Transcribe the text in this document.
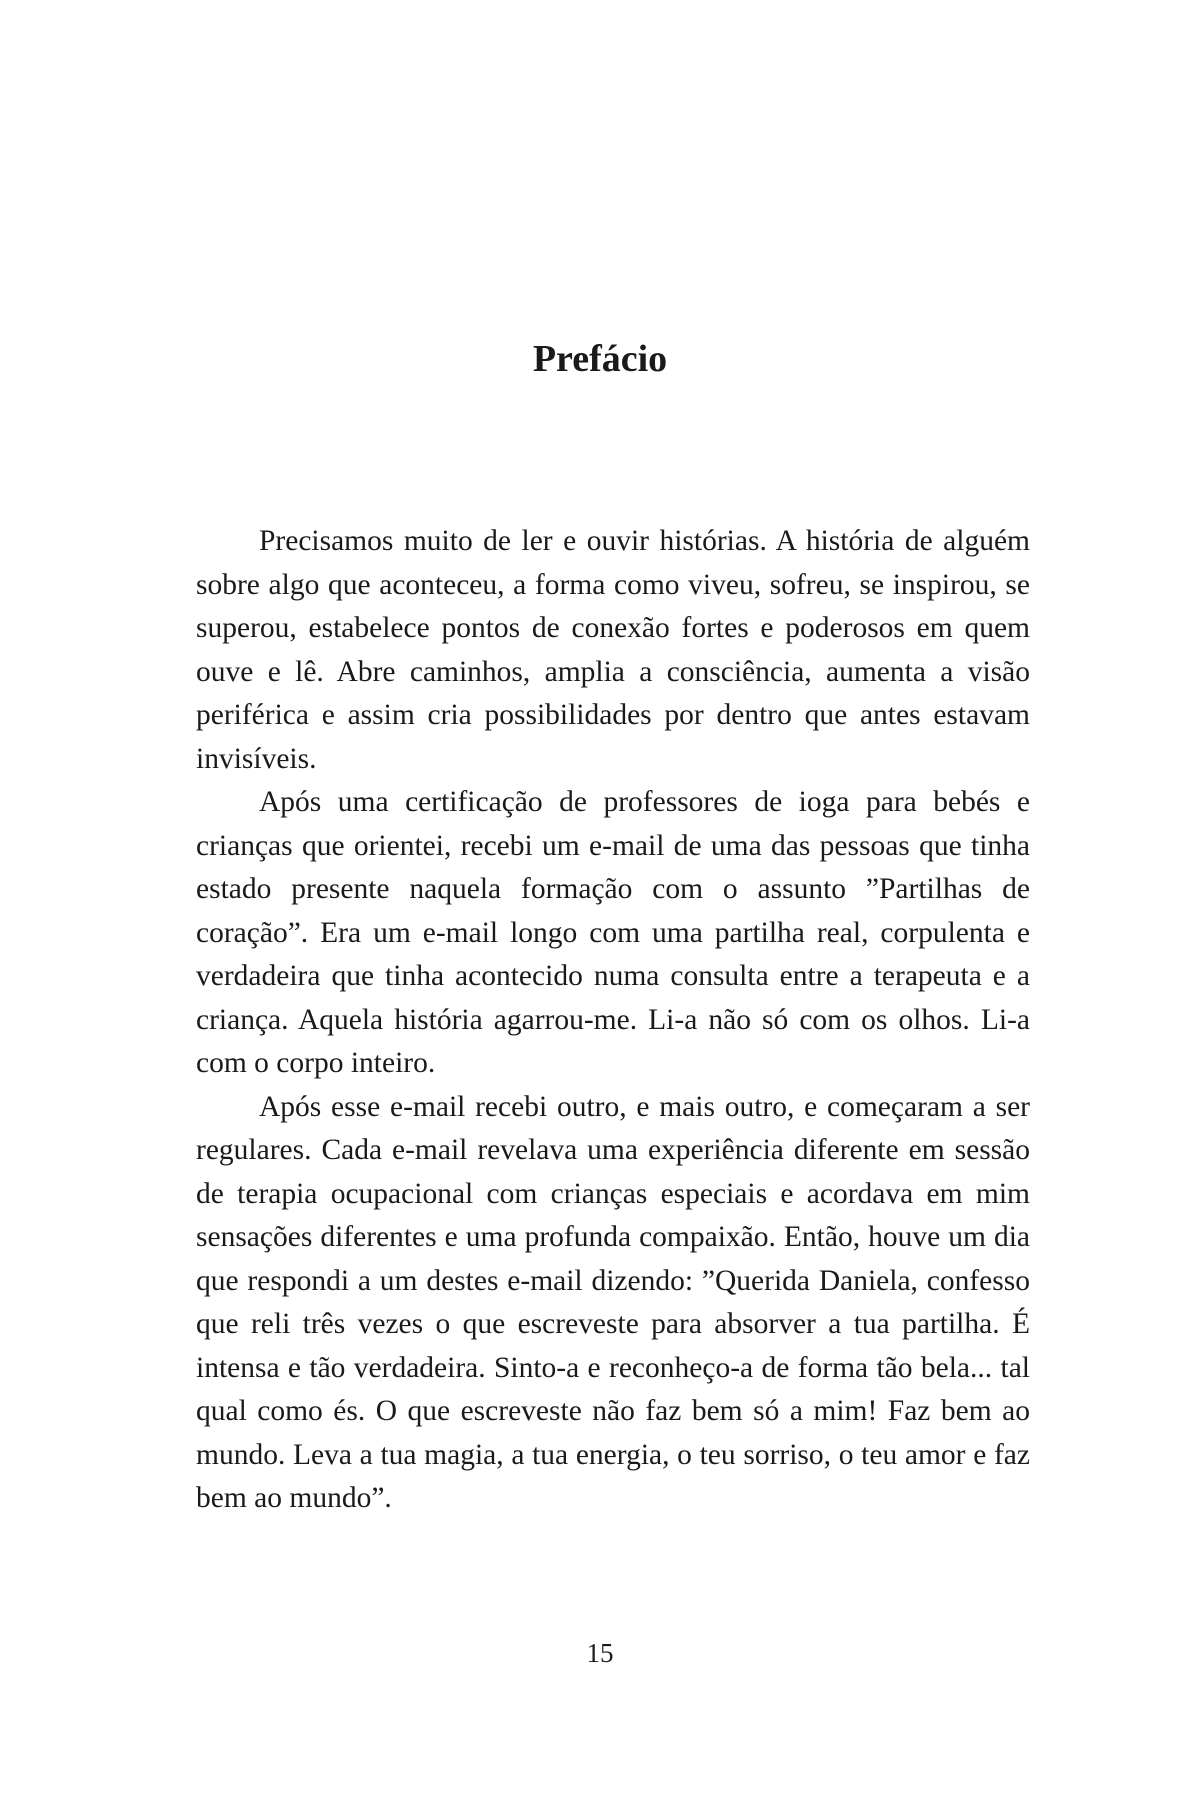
Prefácio

Precisamos muito de ler e ouvir histórias. A história de alguém sobre algo que aconteceu, a forma como viveu, sofreu, se inspirou, se superou, estabelece pontos de conexão fortes e poderosos em quem ouve e lê. Abre caminhos, amplia a consciência, aumenta a visão periférica e assim cria possibilidades por dentro que antes estavam invisíveis.

Após uma certificação de professores de ioga para bebés e crianças que orientei, recebi um e-mail de uma das pessoas que tinha estado presente naquela formação com o assunto ”Partilhas de coração”. Era um e-mail longo com uma partilha real, corpulenta e verdadeira que tinha acontecido numa consulta entre a terapeuta e a criança. Aquela história agarrou-me. Li-a não só com os olhos. Li-a com o corpo inteiro.

Após esse e-mail recebi outro, e mais outro, e começaram a ser regulares. Cada e-mail revelava uma experiência diferente em sessão de terapia ocupacional com crianças especiais e acordava em mim sensações diferentes e uma profunda compaixão. Então, houve um dia que respondi a um destes e-mail dizendo: ”Querida Daniela, confesso que reli três vezes o que escreveste para absorver a tua partilha. É intensa e tão verdadeira. Sinto-a e reconheço-a de forma tão bela... tal qual como és. O que escreveste não faz bem só a mim! Faz bem ao mundo. Leva a tua magia, a tua energia, o teu sorriso, o teu amor e faz bem ao mundo”.

15
